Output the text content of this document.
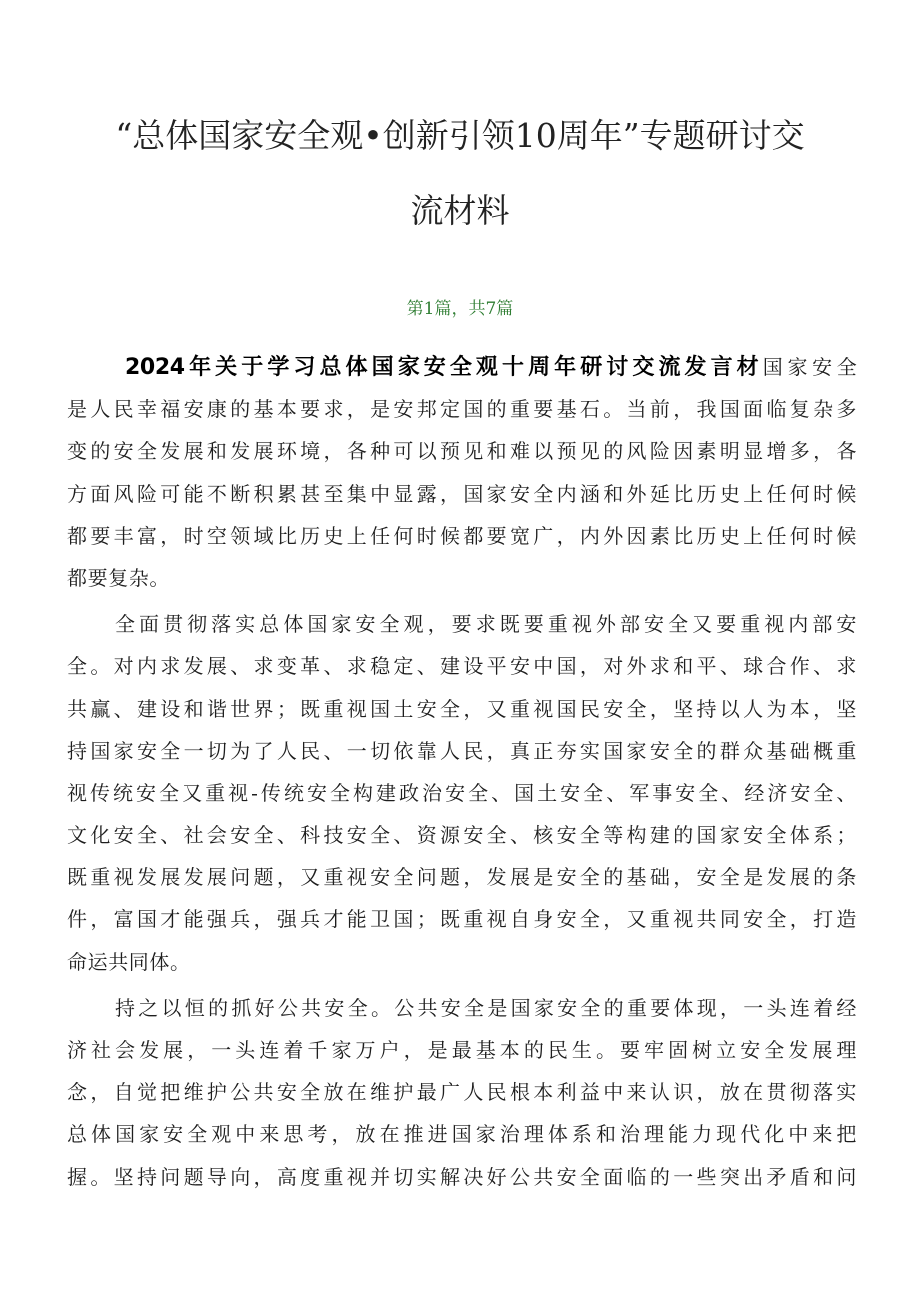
“总体国家安全观•创新引领10周年”专题研讨交
流材料
第1篇，共7篇
2024年关于学习总体国家安全观十周年研讨交流发言材国家安全
是人民幸福安康的基本要求，是安邦定国的重要基石。当前，我国面临复杂多
变的安全发展和发展环境，各种可以预见和难以预见的风险因素明显增多，各
方面风险可能不断积累甚至集中显露，国家安全内涵和外延比历史上任何时候
都要丰富，时空领域比历史上任何时候都要宽广，内外因素比历史上任何时候
都要复杂。
全面贯彻落实总体国家安全观，要求既要重视外部安全又要重视内部安
全。对内求发展、求变革、求稳定、建设平安中国，对外求和平、球合作、求
共赢、建设和谐世界；既重视国土安全，又重视国民安全，坚持以人为本，坚
持国家安全一切为了人民、一切依靠人民，真正夯实国家安全的群众基础概重
视传统安全又重视-传统安全构建政治安全、国土安全、军事安全、经济安全、
文化安全、社会安全、科技安全、资源安全、核安全等构建的国家安全体系；
既重视发展发展问题，又重视安全问题，发展是安全的基础，安全是发展的条
件，富国才能强兵，强兵才能卫国；既重视自身安全，又重视共同安全，打造
命运共同体。
持之以恒的抓好公共安全。公共安全是国家安全的重要体现，一头连着经
济社会发展，一头连着千家万户，是最基本的民生。要牢固树立安全发展理
念，自觉把维护公共安全放在维护最广人民根本利益中来认识，放在贯彻落实
总体国家安全观中来思考，放在推进国家治理体系和治理能力现代化中来把
握。坚持问题导向，高度重视并切实解决好公共安全面临的一些突出矛盾和问
